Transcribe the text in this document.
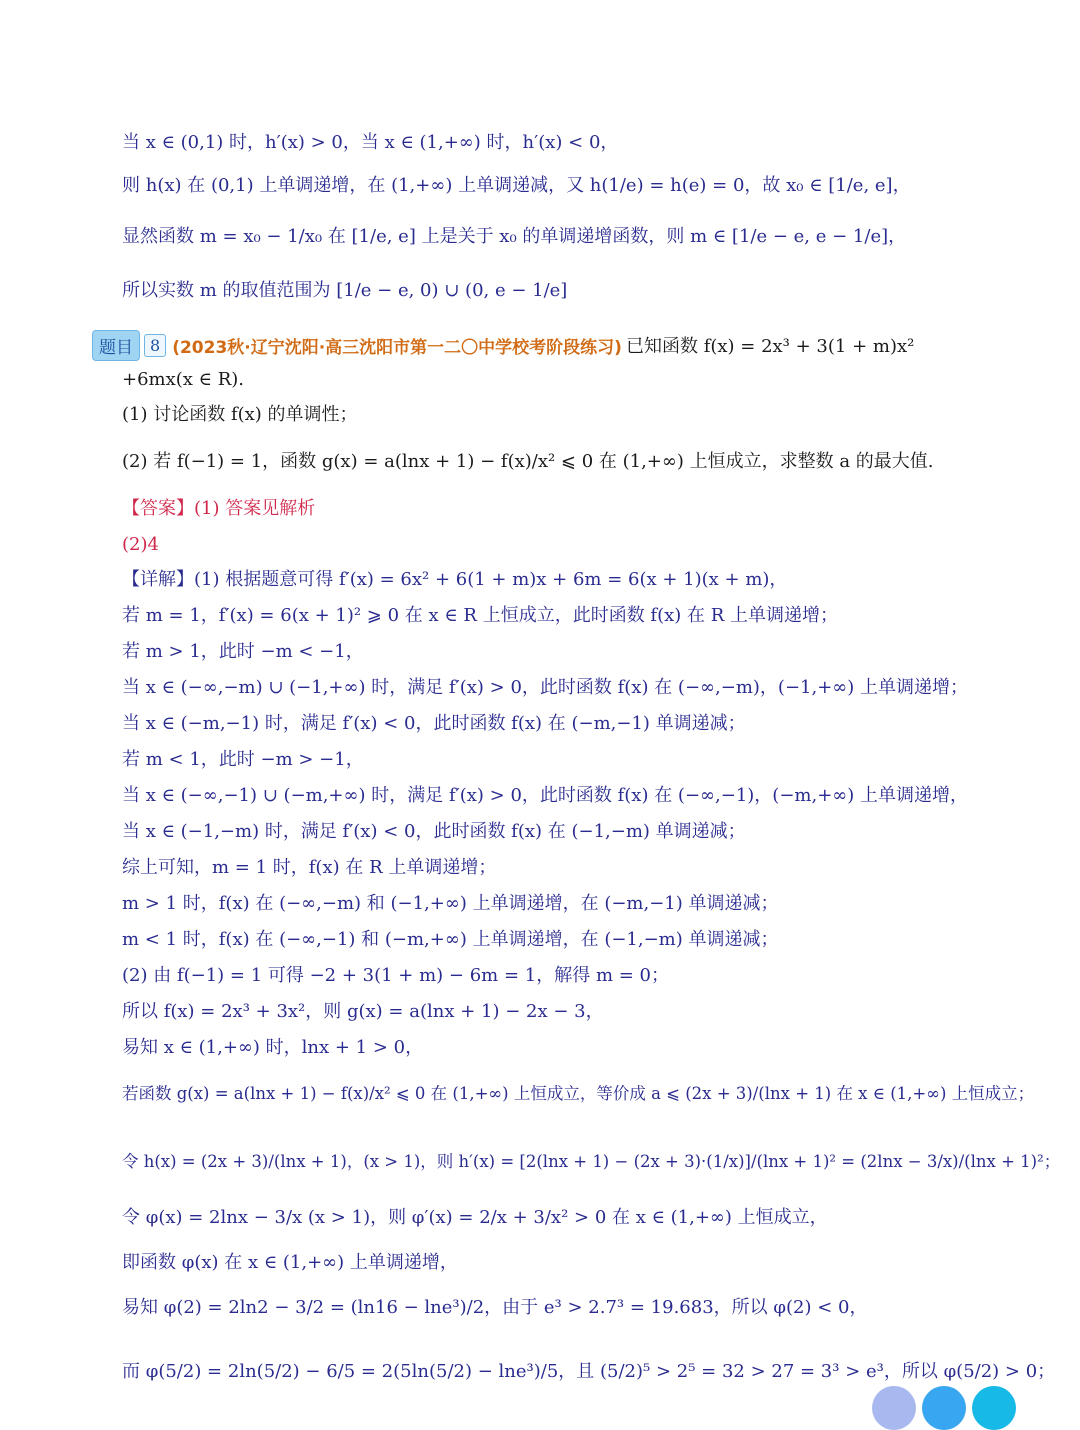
当 x ∈ (0,1) 时，h′(x) > 0，当 x ∈ (1,+∞) 时，h′(x) < 0，
则 h(x) 在 (0,1) 上单调递增，在 (1,+∞) 上单调递减，又 h(1/e) = h(e) = 0，故 x₀ ∈ [1/e, e]，
显然函数 m = x₀ − 1/x₀ 在 [1/e, e] 上是关于 x₀ 的单调递增函数，则 m ∈ [1/e − e, e − 1/e]，
所以实数 m 的取值范围为 [1/e − e, 0) ∪ (0, e − 1/e]
题目	8 (2023秋·辽宁沈阳·高三沈阳市第一二〇中学校考阶段练习) 已知函数 f(x) = 2x³ + 3(1 + m)x²
+6mx(x ∈ R).
(1) 讨论函数 f(x) 的单调性；
(2) 若 f(−1) = 1，函数 g(x) = a(lnx + 1) − f(x)/x² ⩽ 0 在 (1,+∞) 上恒成立，求整数 a 的最大值.
【答案】(1) 答案见解析
(2)4
【详解】(1) 根据题意可得 f′(x) = 6x² + 6(1 + m)x + 6m = 6(x + 1)(x + m)，
若 m = 1，f′(x) = 6(x + 1)² ⩾ 0 在 x ∈ R 上恒成立，此时函数 f(x) 在 R 上单调递增；
若 m > 1，此时 −m < −1，
当 x ∈ (−∞,−m) ∪ (−1,+∞) 时，满足 f′(x) > 0，此时函数 f(x) 在 (−∞,−m)，(−1,+∞) 上单调递增；
当 x ∈ (−m,−1) 时，满足 f′(x) < 0，此时函数 f(x) 在 (−m,−1) 单调递减；
若 m < 1，此时 −m > −1，
当 x ∈ (−∞,−1) ∪ (−m,+∞) 时，满足 f′(x) > 0，此时函数 f(x) 在 (−∞,−1)，(−m,+∞) 上单调递增，
当 x ∈ (−1,−m) 时，满足 f′(x) < 0，此时函数 f(x) 在 (−1,−m) 单调递减；
综上可知，m = 1 时，f(x) 在 R 上单调递增；
m > 1 时，f(x) 在 (−∞,−m) 和 (−1,+∞) 上单调递增，在 (−m,−1) 单调递减；
m < 1 时，f(x) 在 (−∞,−1) 和 (−m,+∞) 上单调递增，在 (−1,−m) 单调递减；
(2) 由 f(−1) = 1 可得 −2 + 3(1 + m) − 6m = 1，解得 m = 0；
所以 f(x) = 2x³ + 3x²，则 g(x) = a(lnx + 1) − 2x − 3，
易知 x ∈ (1,+∞) 时，lnx + 1 > 0，
若函数 g(x) = a(lnx + 1) − f(x)/x² ⩽ 0 在 (1,+∞) 上恒成立，等价成 a ⩽ (2x + 3)/(lnx + 1) 在 x ∈ (1,+∞) 上恒成立；
令 h(x) = (2x + 3)/(lnx + 1)，(x > 1)，则 h′(x) = [2(lnx + 1) − (2x + 3)·(1/x)]/(lnx + 1)² = (2lnx − 3/x)/(lnx + 1)²；
令 φ(x) = 2lnx − 3/x (x > 1)，则 φ′(x) = 2/x + 3/x² > 0 在 x ∈ (1,+∞) 上恒成立，
即函数 φ(x) 在 x ∈ (1,+∞) 上单调递增，
易知 φ(2) = 2ln2 − 3/2 = (ln16 − lne³)/2，由于 e³ > 2.7³ = 19.683，所以 φ(2) < 0，
而 φ(5/2) = 2ln(5/2) − 6/5 = 2(5ln(5/2) − lne³)/5，且 (5/2)⁵ > 2⁵ = 32 > 27 = 3³ > e³，所以 φ(5/2) > 0；
